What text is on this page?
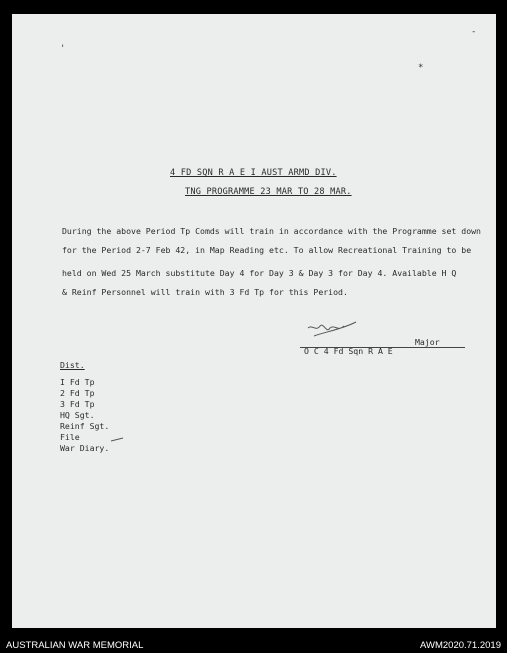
'
-
*
4 FD SQN R A E I AUST ARMD DIV.
TNG PROGRAMME 23 MAR TO 28 MAR.
During the above Period Tp Comds will train in accordance with the Programme set down
for the Period 2-7 Feb 42, in Map Reading etc. To allow Recreational Training to be
held on Wed 25 March substitute Day 4 for Day 3 & Day 3 for Day 4. Available H Q
& Reinf Personnel will train with 3 Fd Tp for this Period.
Major
O C 4 Fd Sqn R A E
Dist.
I Fd Tp
2 Fd Tp
3 Fd Tp
HQ Sgt.
Reinf Sgt.
File
War Diary.
AUSTRALIAN WAR MEMORIAL	AWM2020.71.2019
